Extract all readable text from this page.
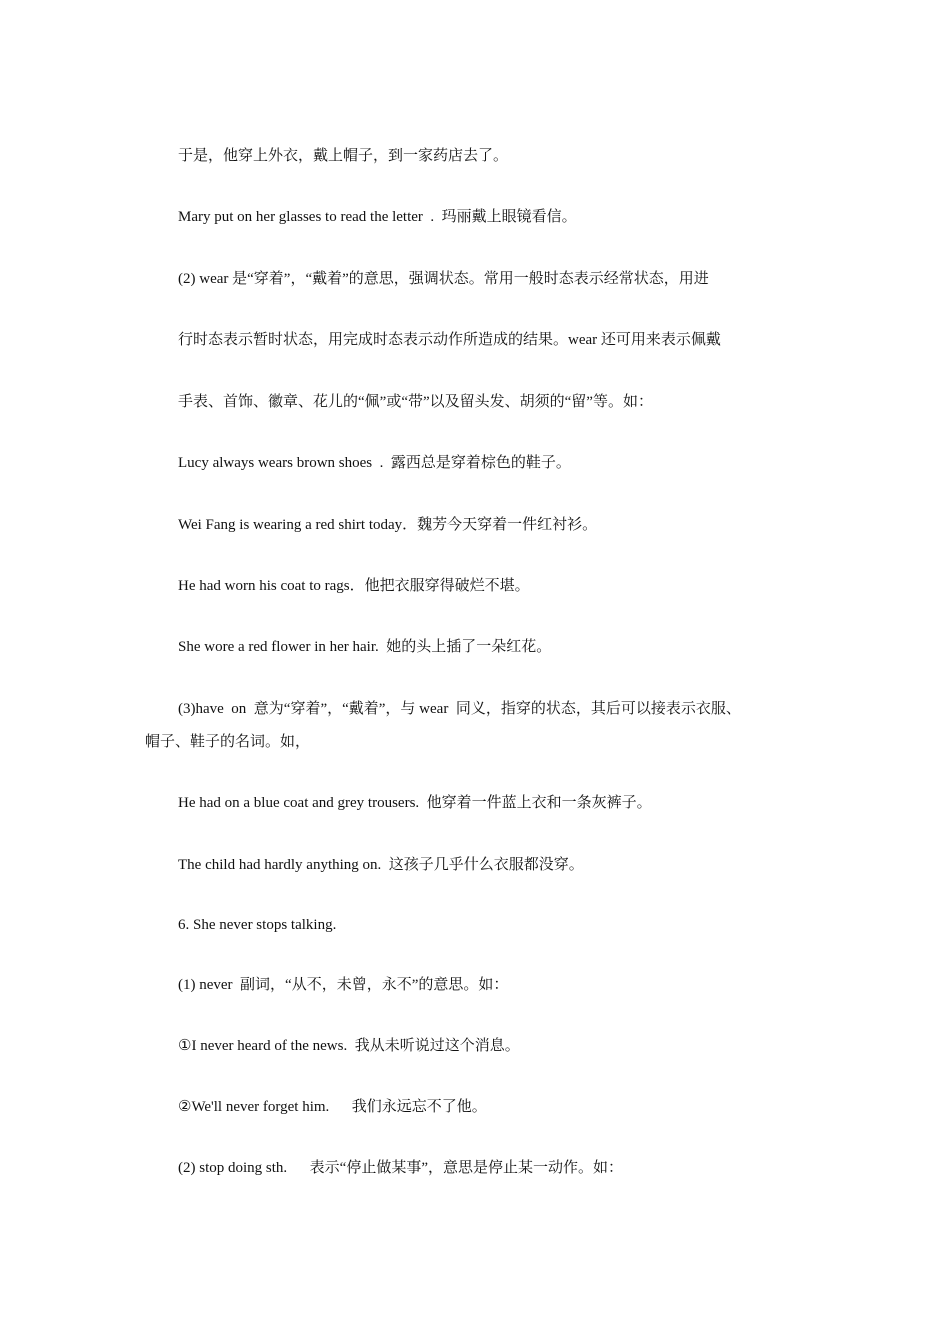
于是，他穿上外衣，戴上帽子，到一家药店去了。

Mary put on her glasses to read the letter  .  玛丽戴上眼镜看信。

(2) wear 是“穿着”，“戴着”的意思，强调状态。常用一般时态表示经常状态，用进

行时态表示暂时状态，用完成时态表示动作所造成的结果。wear 还可用来表示佩戴

手表、首饰、徽章、花儿的“佩”或“带”以及留头发、胡须的“留”等。如：

Lucy always wears brown shoes  .  露西总是穿着棕色的鞋子。

Wei Fang is wearing a red shirt today．魏芳今天穿着一件红衬衫。

He had worn his coat to rags．他把衣服穿得破烂不堪。

She wore a red flower in her hair.  她的头上插了一朵红花。

(3)have  on  意为“穿着”，“戴着”，与 wear  同义，指穿的状态，其后可以接表示衣服、

帽子、鞋子的名词。如，

He had on a blue coat and grey trousers.  他穿着一件蓝上衣和一条灰裤子。

The child had hardly anything on.  这孩子几乎什么衣服都没穿。

6. She never stops talking.

(1) never  副词，“从不，未曾，永不”的意思。如：

①I never heard of the news.  我从未听说过这个消息。

②We'll never forget him.      我们永远忘不了他。

(2) stop doing sth.      表示“停止做某事”，意思是停止某一动作。如：
